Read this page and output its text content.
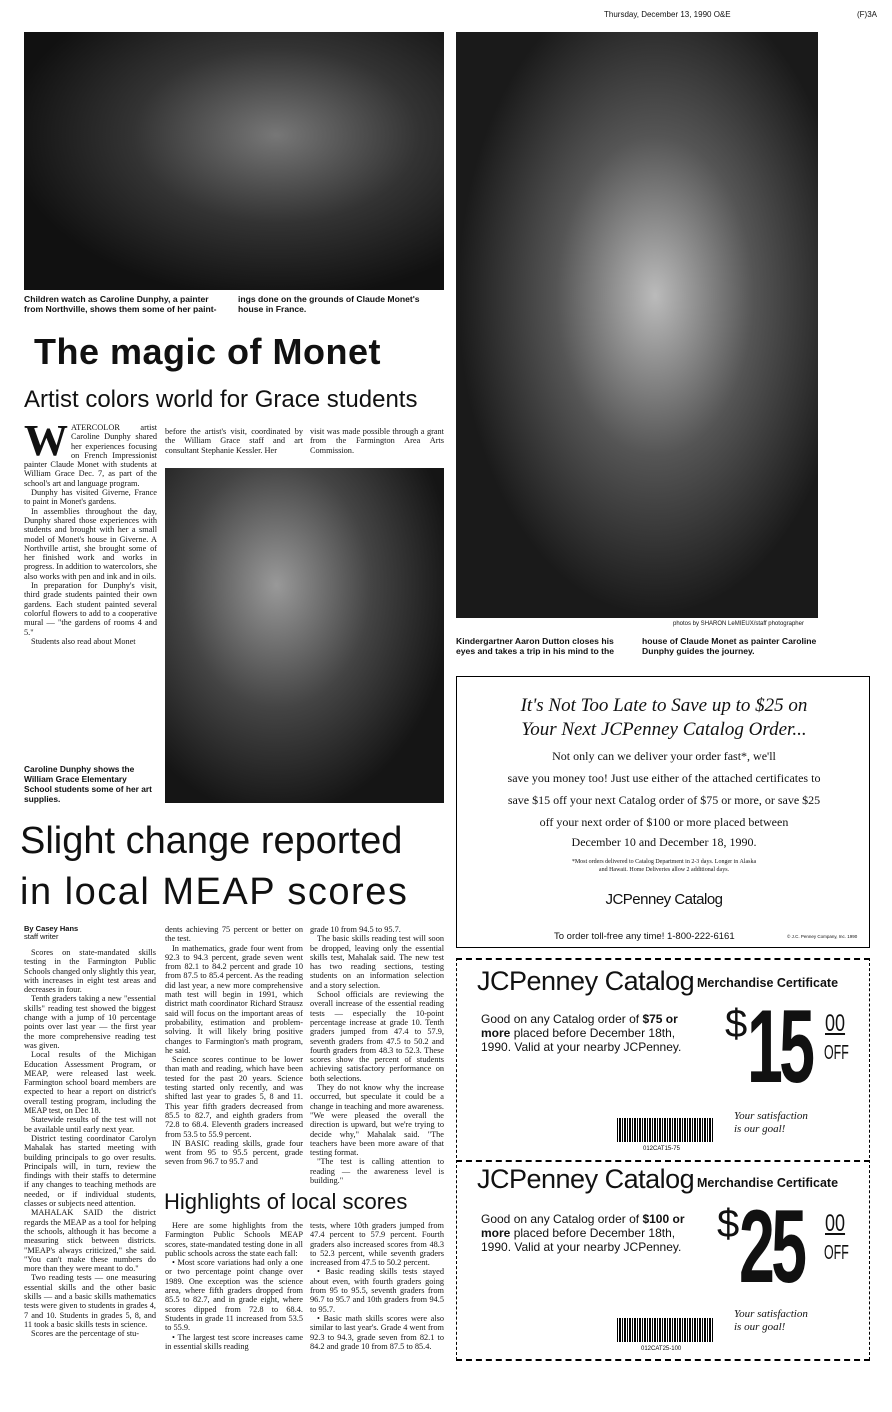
Thursday, December 13, 1990 O&E	(F)3A
Children watch as Caroline Dunphy, a painter from Northville, shows them some of her paint-
ings done on the grounds of Claude Monet's house in France.
photos by SHARON LeMIEUX/staff photographer
Kindergartner Aaron Dutton closes his eyes and takes a trip in his mind to the
house of Claude Monet as painter Caroline Dunphy guides the journey.
The magic of Monet
Artist colors world for Grace students
W ATERCOLOR artist Caroline Dunphy shared her experiences focusing on French Impressionist painter Claude Monet with students at William Grace Dec. 7, as part of the school's art and language program.

Dunphy has visited Giverne, France to paint in Monet's gardens.

In assemblies throughout the day, Dunphy shared those experiences with students and brought with her a small model of Monet's house in Giverne. A Northville artist, she brought some of her finished work and works in progress. In addition to watercolors, she also works with pen and ink and in oils.

In preparation for Dunphy's visit, third grade students painted their own gardens. Each student painted several colorful flowers to add to a cooperative mural — "the gardens of rooms 4 and 5."

Students also read about Monet

before the artist's visit, coordinated by the William Grace staff and art consultant Stephanie Kessler. Her
visit was made possible through a grant from the Farmington Area Arts Commission.
Caroline Dunphy shows the William Grace Elementary School students some of her art supplies.
Slight change reported
in local MEAP scores
By Casey Hans
staff writer

Scores on state-mandated skills testing in the Farmington Public Schools changed only slightly this year, with increases in eight test areas and decreases in four.

Tenth graders taking a new "essential skills" reading test showed the biggest change with a jump of 10 percentage points over last year — the first year the more comprehensive reading test was given.

Local results of the Michigan Education Assessment Program, or MEAP, were released last week. Farmington school board members are expected to hear a report on district's overall testing program, including the MEAP test, on Dec 18.

Statewide results of the test will not be available until early next year.

District testing coordinator Carolyn Mahalak has started meeting with building principals to go over results. Principals will, in turn, review the findings with their staffs to determine if any changes to teaching methods are needed, or if individual students, classes or subjects need attention.

MAHALAK SAID the district regards the MEAP as a tool for helping the schools, although it has become a measuring stick between districts. "MEAP's always criticized," she said. "You can't make these numbers do more than they were meant to do."

Two reading tests — one measuring essential skills and the other basic skills — and a basic skills mathematics tests were given to students in grades 4, 7 and 10. Students in grades 5, 8, and 11 took a basic skills tests in science.

Scores are the percentage of stu-

dents achieving 75 percent or better on the test.

In mathematics, grade four went from 92.3 to 94.3 percent, grade seven went from 82.1 to 84.2 percent and grade 10 from 87.5 to 85.4 percent. As the reading did last year, a new more comprehensive math test will begin in 1991, which district math coordinator Richard Strausz said will focus on the important areas of probability, estimation and problem-solving. It will likely bring positive changes to Farmington's math program, he said.

Science scores continue to be lower than math and reading, which have been tested for the past 20 years. Science testing started only recently, and was shifted last year to grades 5, 8 and 11. This year fifth graders decreased from 85.5 to 82.7, and eighth graders from 72.8 to 68.4. Eleventh graders increased from 53.5 to 55.9 percent.

IN BASIC reading skills, grade four went from 95 to 95.5 percent, grade seven from 96.7 to 95.7 and

grade 10 from 94.5 to 95.7.

The basic skills reading test will soon be dropped, leaving only the essential skills test, Mahalak said. The new test has two reading sections, testing students on an information selection and a story selection.

School officials are reviewing the overall increase of the essential reading tests — especially the 10-point percentage increase at grade 10. Tenth graders jumped from 47.4 to 57.9, seventh graders from 47.5 to 50.2 and fourth graders from 48.3 to 52.3. These scores show the percent of students achieving satisfactory performance on both selections.

They do not know why the increase occurred, but speculate it could be a change in teaching and more awareness. "We were pleased the overall the direction is upward, but we're trying to decide why," Mahalak said. "The teachers have been more aware of that testing format.

"The test is calling attention to reading — the awareness level is building."

Highlights of local scores

Here are some highlights from the Farmington Public Schools MEAP scores, state-mandated testing done in all public schools across the state each fall:

• Most score variations had only a one or two percentage point change over 1989. One exception was the science area, where fifth graders dropped from 85.5 to 82.7, and in grade eight, where scores dipped from 72.8 to 68.4. Students in grade 11 increased from 53.5 to 55.9.

• The largest test score increases came in essential skills reading

tests, where 10th graders jumped from 47.4 percent to 57.9 percent. Fourth graders also increased scores from 48.3 to 52.3 percent, while seventh graders increased from 47.5 to 50.2 percent.

• Basic reading skills tests stayed about even, with fourth graders going from 95 to 95.5, seventh graders from 96.7 to 95.7 and 10th graders from 94.5 to 95.7.

• Basic math skills scores were also similar to last year's. Grade 4 went from 92.3 to 94.3, grade seven from 82.1 to 84.2 and grade 10 from 87.5 to 85.4.

It's Not Too Late to Save up to $25 on
Your Next JCPenney Catalog Order...
Not only can we deliver your order fast*, we'll
save you money too! Just use either of the attached certificates to
save $15 off your next Catalog order of $75 or more, or save $25
off your next order of $100 or more placed between
December 10 and December 18, 1990.
*Most orders delivered to Catalog Department in 2-3 days. Longer in Alaska
and Hawaii. Home Deliveries allow 2 additional days.
JCPenney Catalog
To order toll-free any time! 1-800-222-6161	© J.C. Penney Company, Inc. 1990
JCPenney Catalog Merchandise Certificate
Good on any Catalog order of $75 or more placed before December 18th, 1990. Valid at your nearby JCPenney.
$ 15 00
OFF
Your satisfaction
is our goal!
012CAT15-75
JCPenney Catalog Merchandise Certificate
Good on any Catalog order of $100 or more placed before December 18th, 1990. Valid at your nearby JCPenney.
$ 25 00
OFF
Your satisfaction
is our goal!
012CAT25-100
